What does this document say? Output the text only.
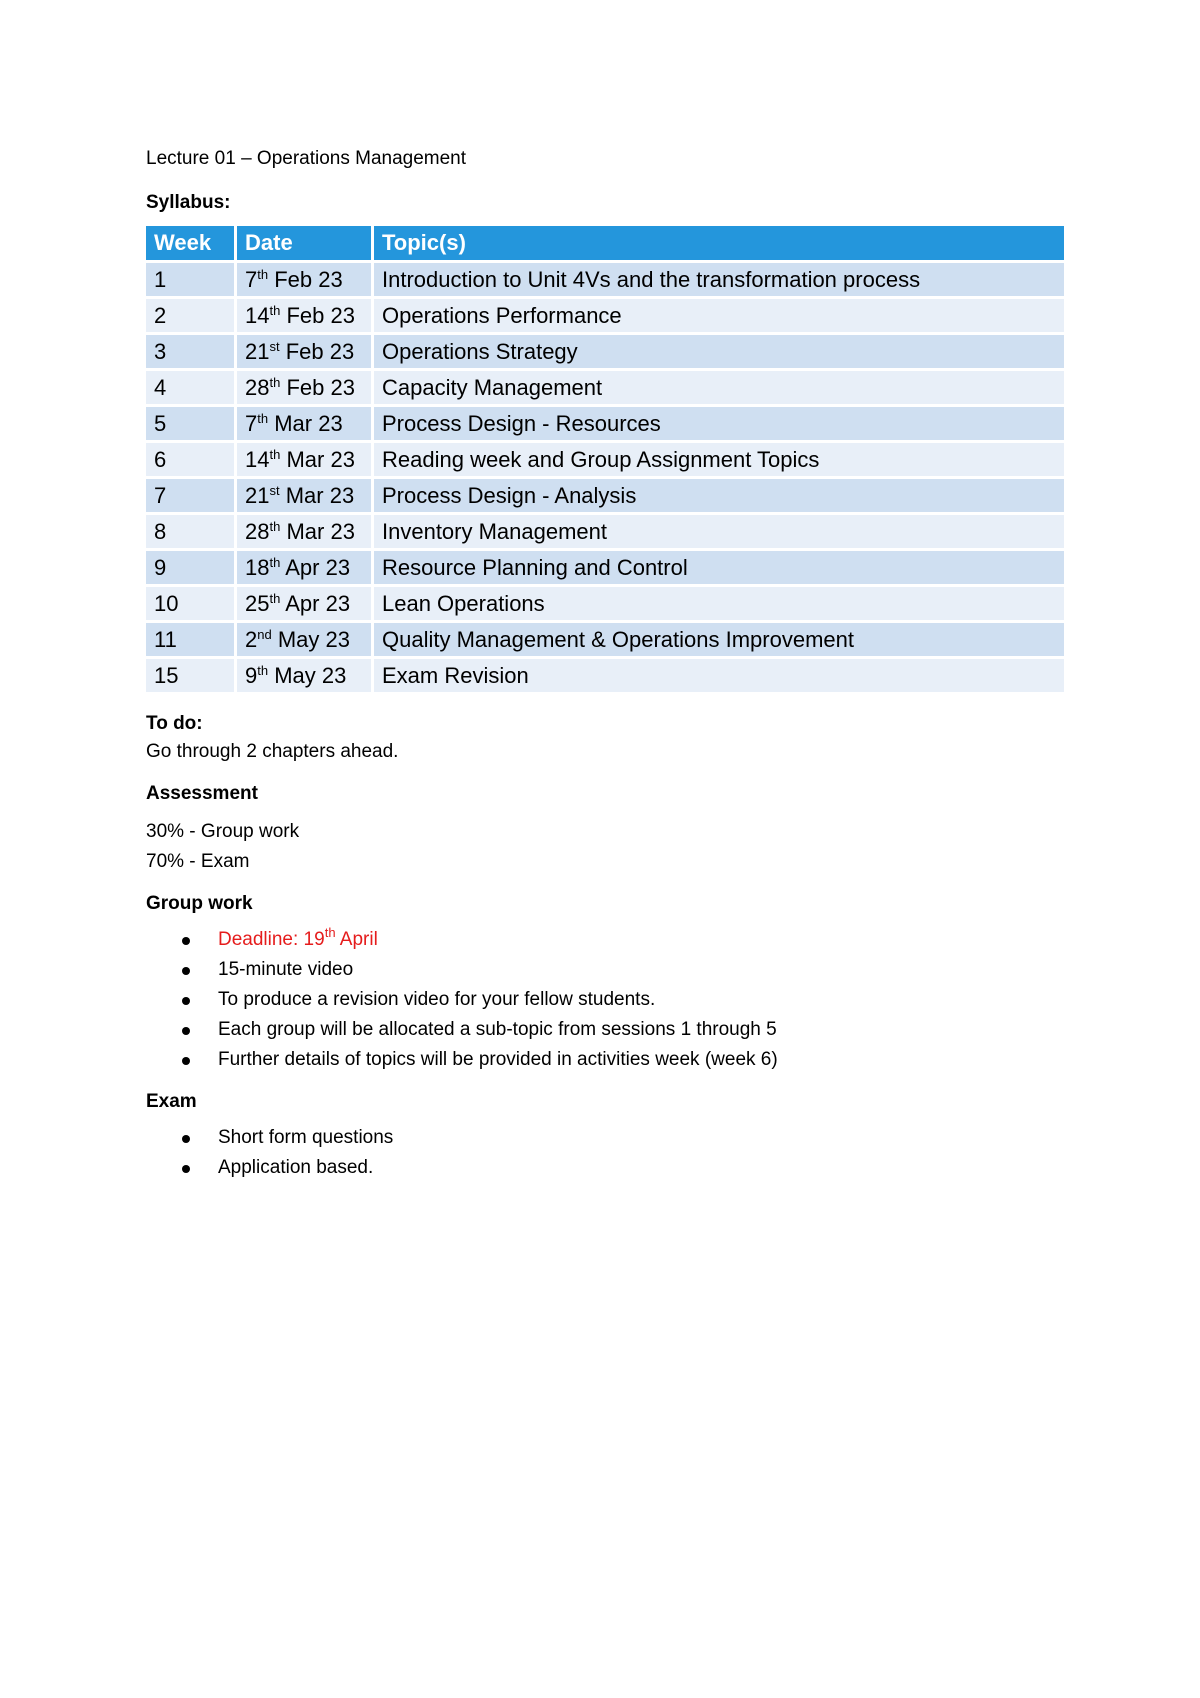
Lecture 01 – Operations Management
Syllabus:
Week	Date	Topic(s)
1	7th Feb 23	Introduction to Unit 4Vs and the transformation process
2	14th Feb 23	Operations Performance
3	21st Feb 23	Operations Strategy
4	28th Feb 23	Capacity Management
5	7th Mar 23	Process Design - Resources
6	14th Mar 23	Reading week and Group Assignment Topics
7	21st Mar 23	Process Design - Analysis
8	28th Mar 23	Inventory Management
9	18th Apr 23	Resource Planning and Control
10	25th Apr 23	Lean Operations
11	2nd May 23	Quality Management & Operations Improvement
15	9th May 23	Exam Revision
To do:
Go through 2 chapters ahead.
Assessment
30% - Group work
70% - Exam
Group work
Deadline: 19th April
15-minute video
To produce a revision video for your fellow students.
Each group will be allocated a sub-topic from sessions 1 through 5
Further details of topics will be provided in activities week (week 6)
Exam
Short form questions
Application based.
